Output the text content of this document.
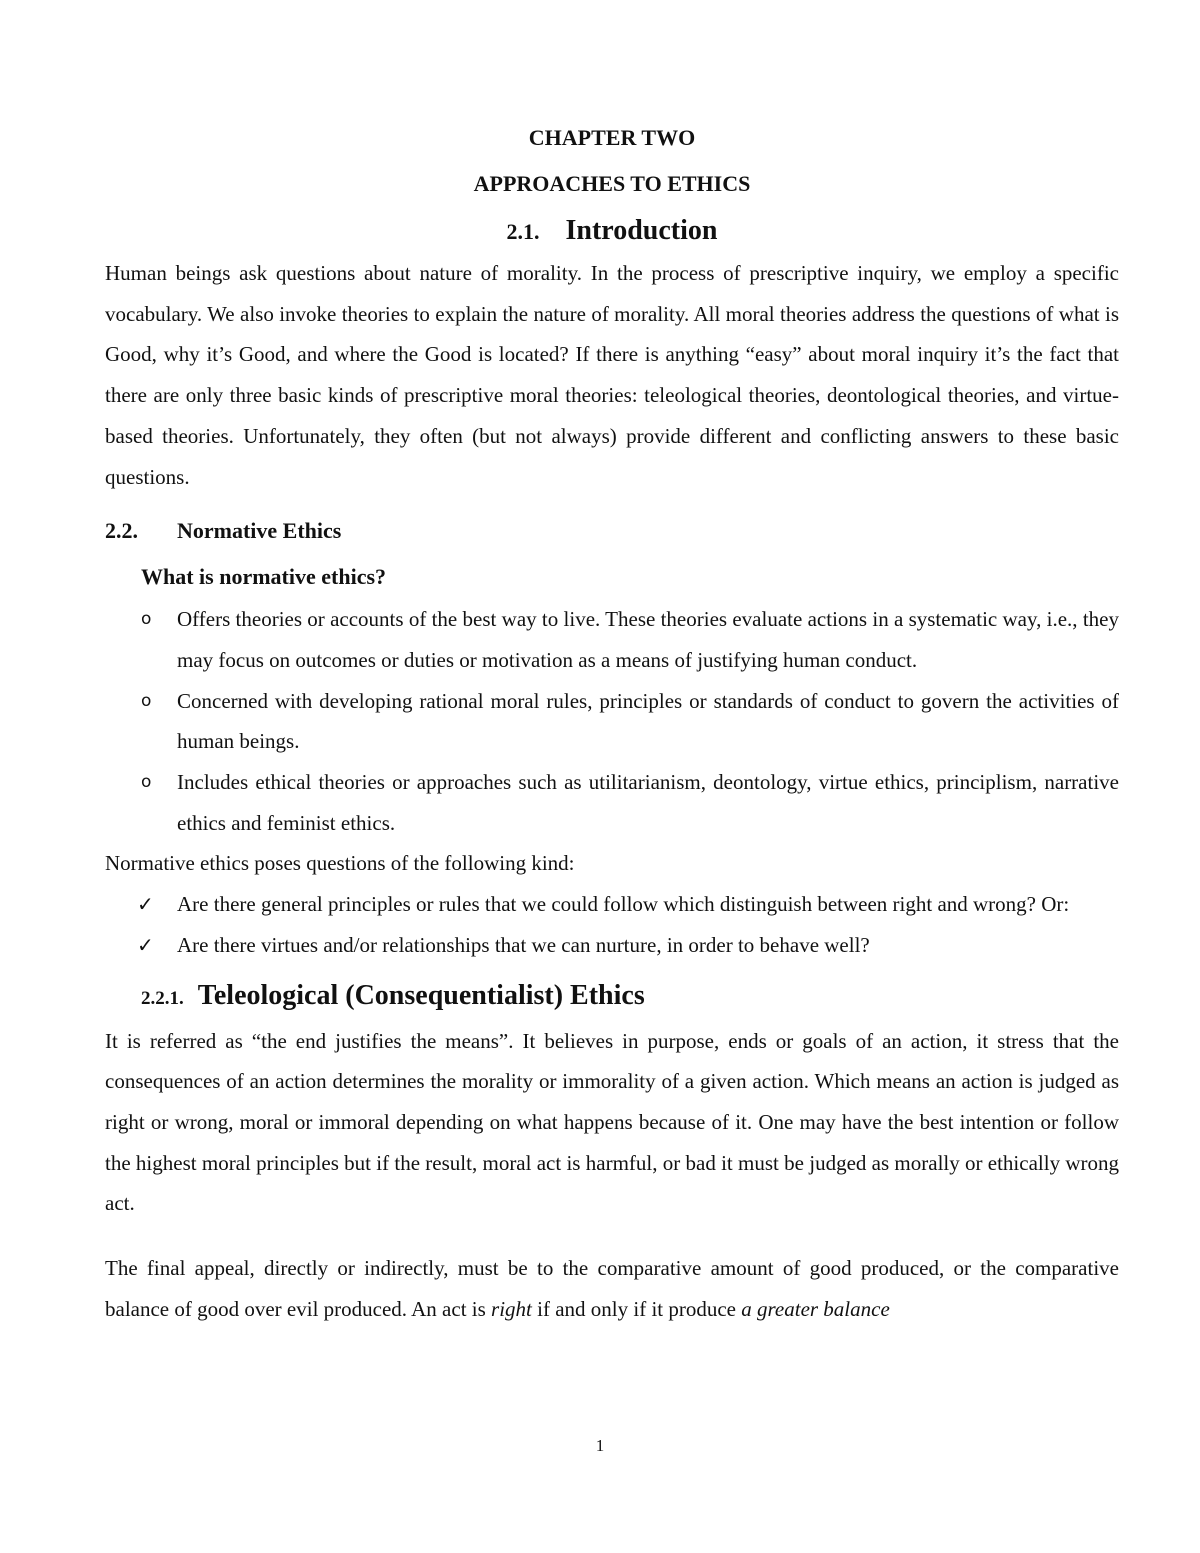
CHAPTER TWO
APPROACHES TO ETHICS
2.1. Introduction

Human beings ask questions about nature of morality. In the process of prescriptive inquiry, we employ a specific vocabulary. We also invoke theories to explain the nature of morality. All moral theories address the questions of what is Good, why it’s Good, and where the Good is located? If there is anything “easy” about moral inquiry it’s the fact that there are only three basic kinds of prescriptive moral theories: teleological theories, deontological theories, and virtue-based theories. Unfortunately, they often (but not always) provide different and conflicting answers to these basic questions.

2.2. Normative Ethics
What is normative ethics?
o Offers theories or accounts of the best way to live. These theories evaluate actions in a systematic way, i.e., they may focus on outcomes or duties or motivation as a means of justifying human conduct.
o Concerned with developing rational moral rules, principles or standards of conduct to govern the activities of human beings.
o Includes ethical theories or approaches such as utilitarianism, deontology, virtue ethics, principlism, narrative ethics and feminist ethics.

Normative ethics poses questions of the following kind:

✓ Are there general principles or rules that we could follow which distinguish between right and wrong? Or:
✓ Are there virtues and/or relationships that we can nurture, in order to behave well?
2.2.1. Teleological (Consequentialist) Ethics

It is referred as “the end justifies the means”. It believes in purpose, ends or goals of an action, it stress that the consequences of an action determines the morality or immorality of a given action. Which means an action is judged as right or wrong, moral or immoral depending on what happens because of it. One may have the best intention or follow the highest moral principles but if the result, moral act is harmful, or bad it must be judged as morally or ethically wrong act.

The final appeal, directly or indirectly, must be to the comparative amount of good produced, or the comparative balance of good over evil produced. An act is right if and only if it produce a greater balance

1
